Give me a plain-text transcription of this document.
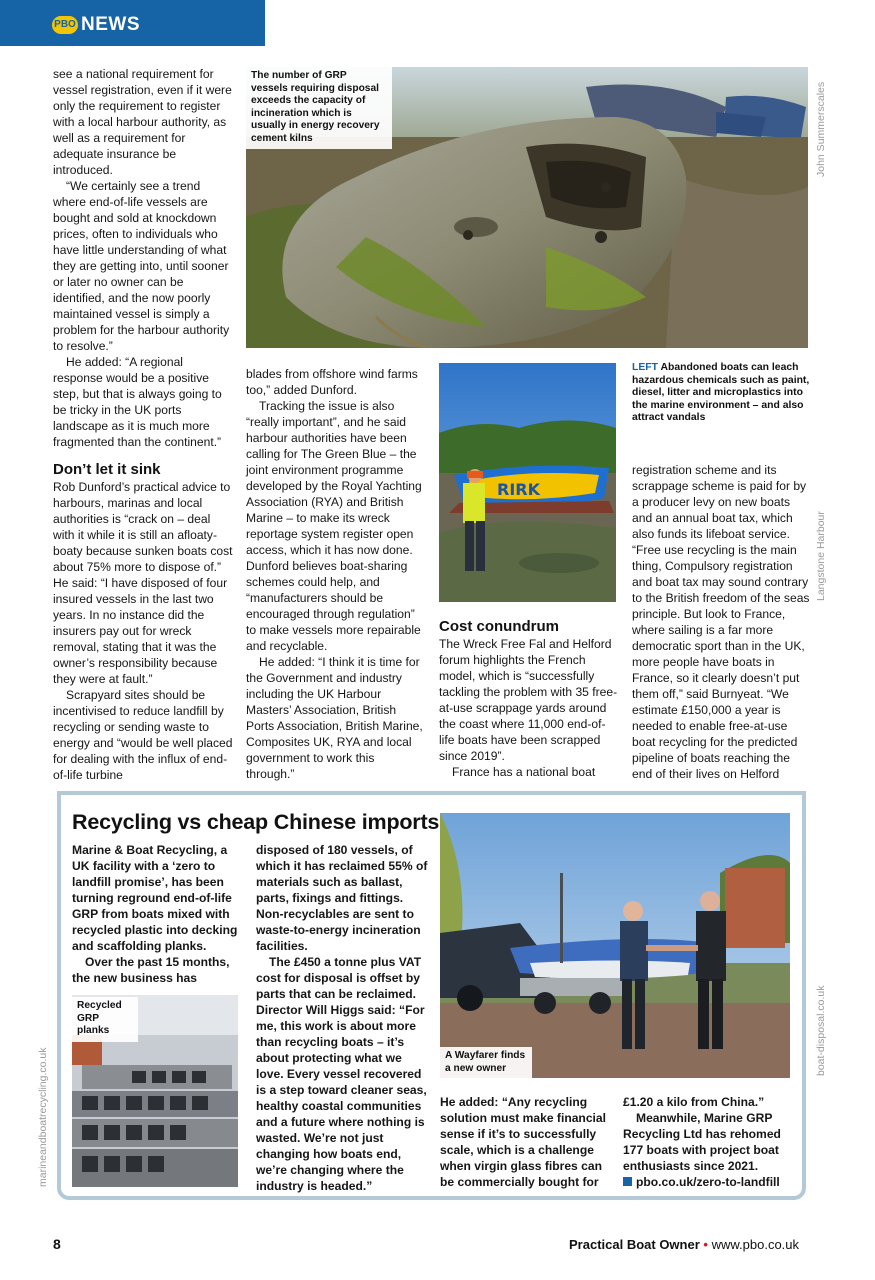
PBO NEWS

see a national requirement for vessel registration, even if it were only the requirement to register with a local harbour authority, as well as a requirement for adequate insurance be introduced.

“We certainly see a trend where end-of-life vessels are bought and sold at knockdown prices, often to individuals who have little understanding of what they are getting into, until sooner or later no owner can be identified, and the now poorly maintained vessel is simply a problem for the harbour authority to resolve.”

He added: “A regional response would be a positive step, but that is always going to be tricky in the UK ports landscape as it is much more fragmented than the continent.”

Don’t let it sink

Rob Dunford’s practical advice to harbours, marinas and local authorities is “crack on – deal with it while it is still an afloaty-boaty because sunken boats cost about 75% more to dispose of.” He said: “I have disposed of four insured vessels in the last two years. In no instance did the insurers pay out for wreck removal, stating that it was the owner’s responsibility because they were at fault.”

Scrapyard sites should be incentivised to reduce landfill by recycling or sending waste to energy and “would be well placed for dealing with the influx of end-of-life turbine

The number of GRP vessels requiring disposal exceeds the capacity of incineration which is usually in energy recovery cement kilns	John Summerscales

blades from offshore wind farms too,” added Dunford.

Tracking the issue is also “really important”, and he said harbour authorities have been calling for The Green Blue – the joint environment programme developed by the Royal Yachting Association (RYA) and British Marine – to make its wreck reportage system register open access, which it has now done. Dunford believes boat-sharing schemes could help, and “manufacturers should be encouraged through regulation” to make vessels more repairable and recyclable.

He added: “I think it is time for the Government and industry including the UK Harbour Masters’ Association, British Ports Association, British Marine, Composites UK, RYA and local government to work this through.”

RIRK
LEFT Abandoned boats can leach hazardous chemicals such as paint, diesel, litter and microplastics into the marine environment – and also attract vandals
Langstone Harbour
Cost conundrum

The Wreck Free Fal and Helford forum highlights the French model, which is “successfully tackling the problem with 35 free-at-use scrappage yards around the coast where 11,000 end-of-life boats have been scrapped since 2019”.

France has a national boat

registration scheme and its scrappage scheme is paid for by a producer levy on new boats and an annual boat tax, which also funds its lifeboat service. “Free use recycling is the main thing, Compulsory registration and boat tax may sound contrary to the British freedom of the seas principle. But look to France, where sailing is a far more democratic sport than in the UK, more people have boats in France, so it clearly doesn’t put them off,” said Burnyeat. “We estimate £150,000 a year is needed to enable free-at-use boat recycling for the predicted pipeline of boats reaching the end of their lives on Helford

Recycling vs cheap Chinese imports

Marine & Boat Recycling, a UK facility with a ‘zero to landfill promise’, has been turning reground end-of-life GRP from boats mixed with recycled plastic into decking and scaffolding planks.

Over the past 15 months, the new business has

Recycled GRP planks

disposed of 180 vessels, of which it has reclaimed 55% of materials such as ballast, parts, fixings and fittings. Non-recyclables are sent to waste-to-energy incineration facilities.

The £450 a tonne plus VAT cost for disposal is offset by parts that can be reclaimed. Director Will Higgs said: “For me, this work is about more than recycling boats – it’s about protecting what we love. Every vessel recovered is a step toward cleaner seas, healthy coastal communities and a future where nothing is wasted. We’re not just changing how boats end, we’re changing where the industry is headed.”

A Wayfarer finds a new owner

He added: “Any recycling solution must make financial sense if it’s to successfully scale, which is a challenge when virgin glass fibres can be commercially bought for

£1.20 a kilo from China.”

Meanwhile, Marine GRP Recycling Ltd has rehomed 177 boats with project boat enthusiasts since 2021.

pbo.co.uk/zero-to-landfill

marineandboatrecycling.co.uk
boat-disposal.co.uk
8	Practical Boat Owner • www.pbo.co.uk
